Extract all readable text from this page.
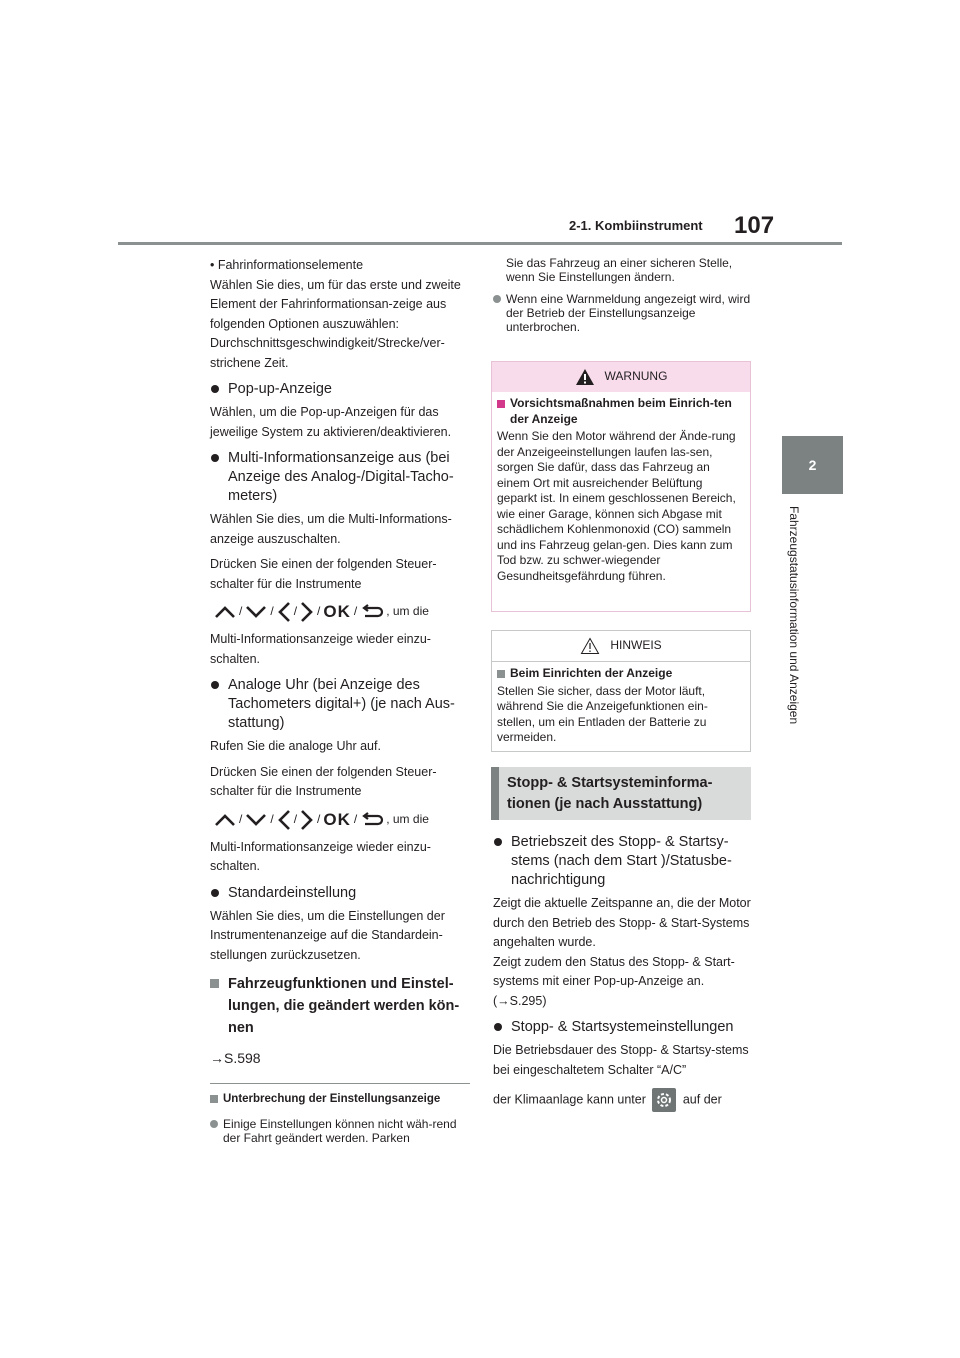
2-1. Kombiinstrument 107
2
Fahrzeugstatusinformation und Anzeigen

• Fahrinformationselemente

Wählen Sie dies, um für das erste und zweite Element der Fahrinformationsan-zeige aus folgenden Optionen auszuwählen: Durchschnittsgeschwindigkeit/Strecke/ver-strichene Zeit.

Pop-up-Anzeige

Wählen, um die Pop-up-Anzeigen für das jeweilige System zu aktivieren/deaktivieren.

Multi-Informationsanzeige aus (bei Anzeige des Analog-/Digital-Tacho-meters)

Wählen Sie dies, um die Multi-Informations-anzeige auszuschalten.

Drücken Sie einen der folgenden Steuer-schalter für die Instrumente

/ / / / OK / , um die

Multi-Informationsanzeige wieder einzu-schalten.

Analoge Uhr (bei Anzeige des Tachometers digital+) (je nach Aus-stattung)

Rufen Sie die analoge Uhr auf.

Drücken Sie einen der folgenden Steuer-schalter für die Instrumente

/ / / / OK / , um die

Multi-Informationsanzeige wieder einzu-schalten.

Standardeinstellung

Wählen Sie dies, um die Einstellungen der Instrumentenanzeige auf die Standardein-stellungen zurückzusetzen.

Fahrzeugfunktionen und Einstel-lungen, die geändert werden kön-nen

→S.598

Unterbrechung der Einstellungsanzeige

Einige Einstellungen können nicht wäh-rend der Fahrt geändert werden. Parken

Sie das Fahrzeug an einer sicheren Stelle, wenn Sie Einstellungen ändern.

Wenn eine Warnmeldung angezeigt wird, wird der Betrieb der Einstellungsanzeige unterbrochen.

WARNUNG
Vorsichtsmaßnahmen beim Einrich-ten der Anzeige
Wenn Sie den Motor während der Ände-rung der Anzeigeeinstellungen laufen las-sen, sorgen Sie dafür, dass das Fahrzeug an einem Ort mit ausreichender Belüftung geparkt ist. In einem geschlossenen Bereich, wie einer Garage, können sich Abgase mit schädlichem Kohlenmonoxid (CO) sammeln und ins Fahrzeug gelan-gen. Dies kann zum Tod bzw. zu schwer-wiegender Gesundheitsgefährdung führen.
HINWEIS
Beim Einrichten der Anzeige
Stellen Sie sicher, dass der Motor läuft, während Sie die Anzeigefunktionen ein-stellen, um ein Entladen der Batterie zu vermeiden.
Stopp- & Startsysteminforma-tionen (je nach Ausstattung)

Betriebszeit des Stopp- & Startsy-stems (nach dem Start )/Statusbe-nachrichtigung

Zeigt die aktuelle Zeitspanne an, die der Motor durch den Betrieb des Stopp- & Start-Systems angehalten wurde.

Zeigt zudem den Status des Stopp- & Start-systems mit einer Pop-up-Anzeige an.

(→S.295)

Stopp- & Startsystemeinstellungen

Die Betriebsdauer des Stopp- & Startsy-stems bei eingeschaltetem Schalter “A/C”

der Klimaanlage kann unter	auf der
